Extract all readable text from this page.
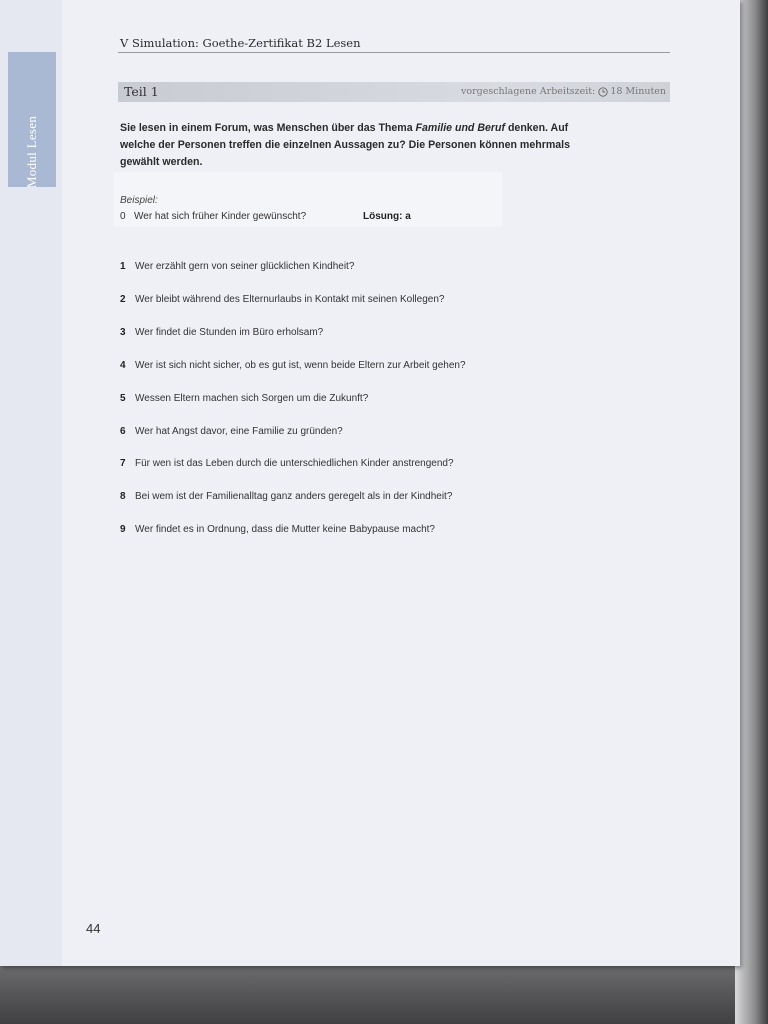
Modul Lesen
V Simulation: Goethe-Zertifikat B2 Lesen
Teil 1	vorgeschlagene Arbeitszeit: 18 Minuten
Sie lesen in einem Forum, was Menschen über das Thema Familie und Beruf denken. Auf welche der Personen treffen die einzelnen Aussagen zu? Die Personen können mehrmals gewählt werden.
Beispiel:
0 Wer hat sich früher Kinder gewünscht?	Lösung: a
1 Wer erzählt gern von seiner glücklichen Kindheit?
2 Wer bleibt während des Elternurlaubs in Kontakt mit seinen Kollegen?
3 Wer findet die Stunden im Büro erholsam?
4 Wer ist sich nicht sicher, ob es gut ist, wenn beide Eltern zur Arbeit gehen?
5 Wessen Eltern machen sich Sorgen um die Zukunft?
6 Wer hat Angst davor, eine Familie zu gründen?
7 Für wen ist das Leben durch die unterschiedlichen Kinder anstrengend?
8 Bei wem ist der Familienalltag ganz anders geregelt als in der Kindheit?
9 Wer findet es in Ordnung, dass die Mutter keine Babypause macht?
44
